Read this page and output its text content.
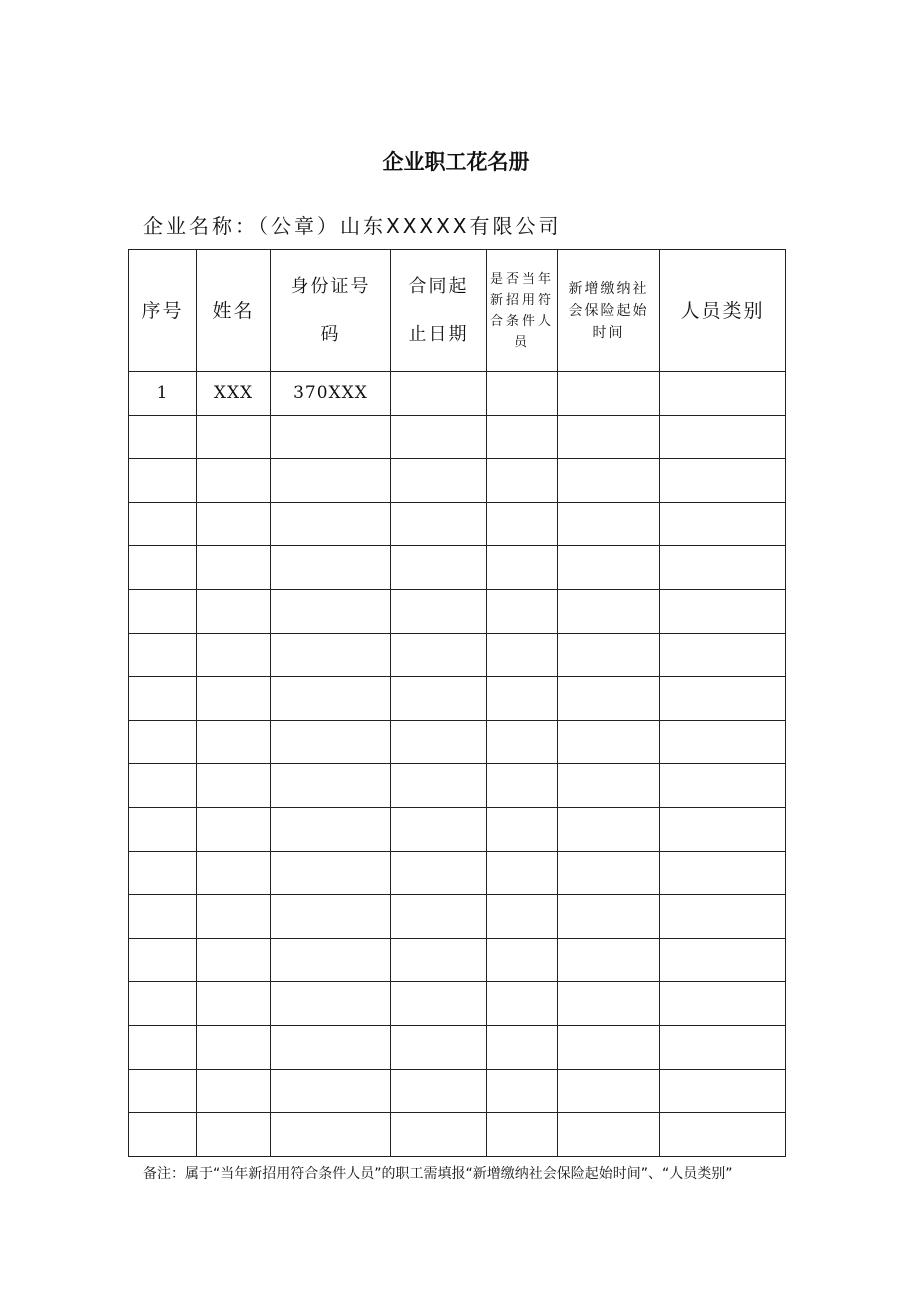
企业职工花名册
企业名称：（公章）山东XXXXX有限公司
序号	姓名	身份证号码	合同起止日期	是否当年新招用符合条件人员	新增缴纳社会保险起始时间	人员类别
1	XXX	370XXX				

备注：属于“当年新招用符合条件人员”的职工需填报“新增缴纳社会保险起始时间”、“人员类别”
